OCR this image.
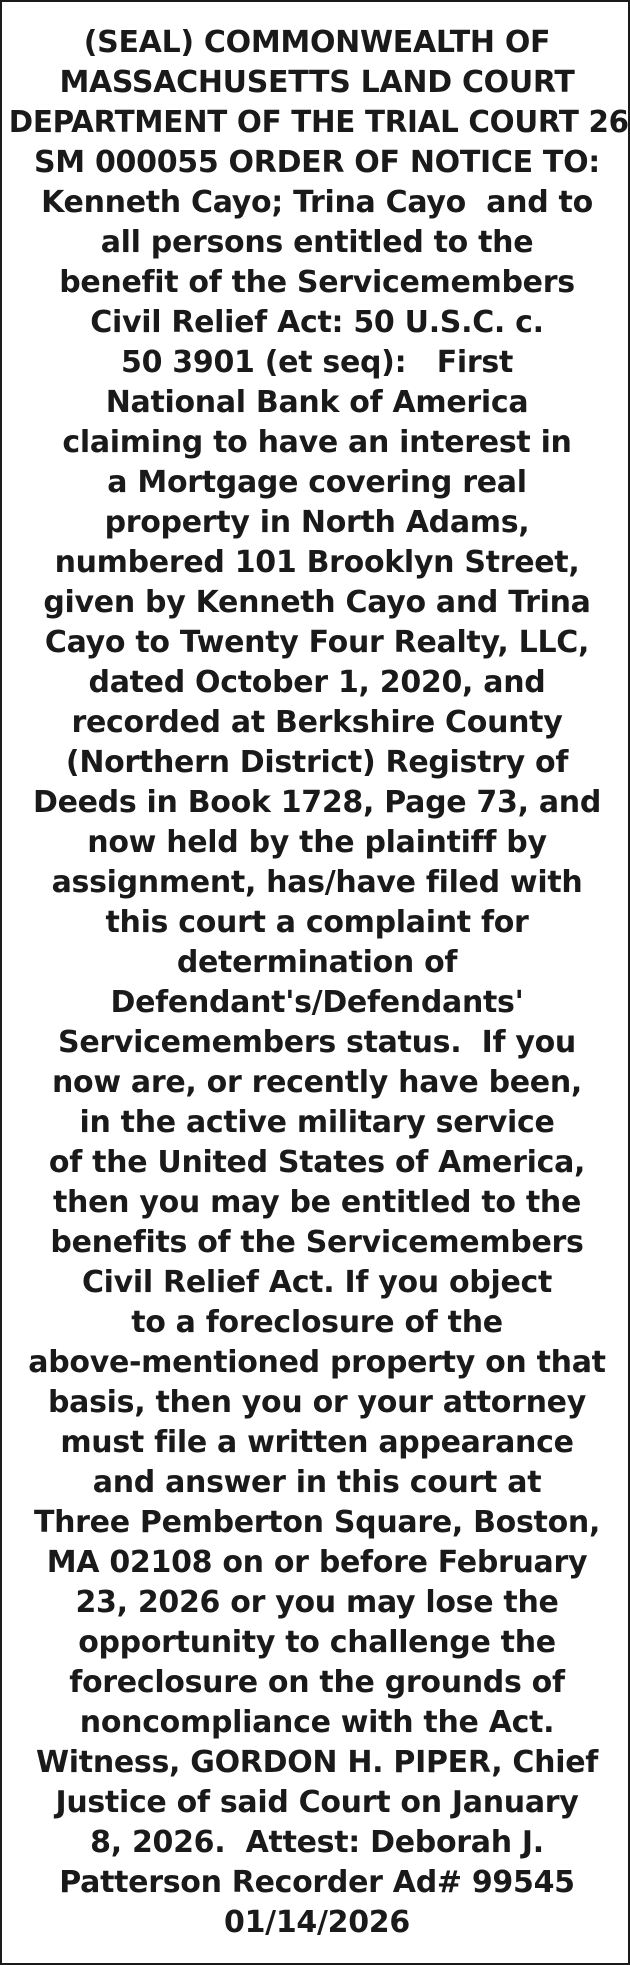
(SEAL) COMMONWEALTH OF
MASSACHUSETTS LAND COURT
DEPARTMENT OF THE TRIAL COURT 26
SM 000055 ORDER OF NOTICE TO:
Kenneth Cayo; Trina Cayo  and to
all persons entitled to the
benefit of the Servicemembers
Civil Relief Act: 50 U.S.C. c.
50 3901 (et seq):   First
National Bank of America
claiming to have an interest in
a Mortgage covering real
property in North Adams,
numbered 101 Brooklyn Street,
given by Kenneth Cayo and Trina
Cayo to Twenty Four Realty, LLC,
dated October 1, 2020, and
recorded at Berkshire County
(Northern District) Registry of
Deeds in Book 1728, Page 73, and
now held by the plaintiff by
assignment, has/have filed with
this court a complaint for
determination of
Defendant's/Defendants'
Servicemembers status.  If you
now are, or recently have been,
in the active military service
of the United States of America,
then you may be entitled to the
benefits of the Servicemembers
Civil Relief Act. If you object
to a foreclosure of the
above-mentioned property on that
basis, then you or your attorney
must file a written appearance
and answer in this court at
Three Pemberton Square, Boston,
MA 02108 on or before February
23, 2026 or you may lose the
opportunity to challenge the
foreclosure on the grounds of
noncompliance with the Act.
Witness, GORDON H. PIPER, Chief
Justice of said Court on January
8, 2026.  Attest: Deborah J.
Patterson Recorder Ad# 99545
01/14/2026
